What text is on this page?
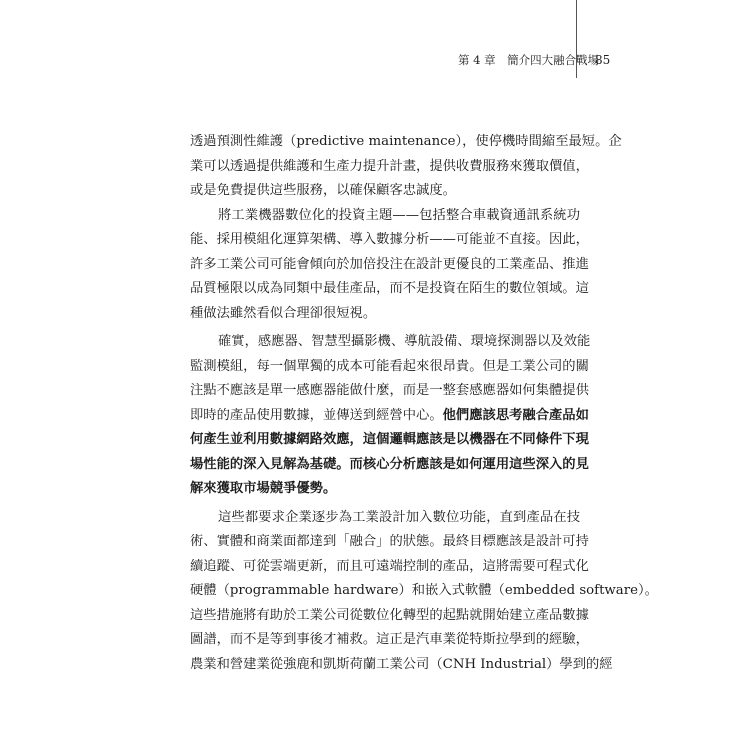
第 4 章　簡介四大融合戰場
85
透過預測性維護（predictive maintenance），使停機時間縮至最短。企
業可以透過提供維護和生產力提升計畫，提供收費服務來獲取價值，
或是免費提供這些服務，以確保顧客忠誠度。
將工業機器數位化的投資主題——包括整合車載資通訊系統功
能、採用模組化運算架構、導入數據分析——可能並不直接。因此，
許多工業公司可能會傾向於加倍投注在設計更優良的工業產品、推進
品質極限以成為同類中最佳產品，而不是投資在陌生的數位領域。這
種做法雖然看似合理卻很短視。
確實，感應器、智慧型攝影機、導航設備、環境探測器以及效能
監測模組，每一個單獨的成本可能看起來很昂貴。但是工業公司的關
注點不應該是單一感應器能做什麼，而是一整套感應器如何集體提供
即時的產品使用數據，並傳送到經營中心。他們應該思考融合產品如
何產生並利用數據網路效應，這個邏輯應該是以機器在不同條件下現
場性能的深入見解為基礎。而核心分析應該是如何運用這些深入的見
解來獲取市場競爭優勢。
這些都要求企業逐步為工業設計加入數位功能，直到產品在技
術、實體和商業面都達到「融合」的狀態。最終目標應該是設計可持
續追蹤、可從雲端更新，而且可遠端控制的產品，這將需要可程式化
硬體（programmable hardware）和嵌入式軟體（embedded software）。
這些措施將有助於工業公司從數位化轉型的起點就開始建立產品數據
圖譜，而不是等到事後才補救。這正是汽車業從特斯拉學到的經驗，
農業和營建業從強鹿和凱斯荷蘭工業公司（CNH Industrial）學到的經
